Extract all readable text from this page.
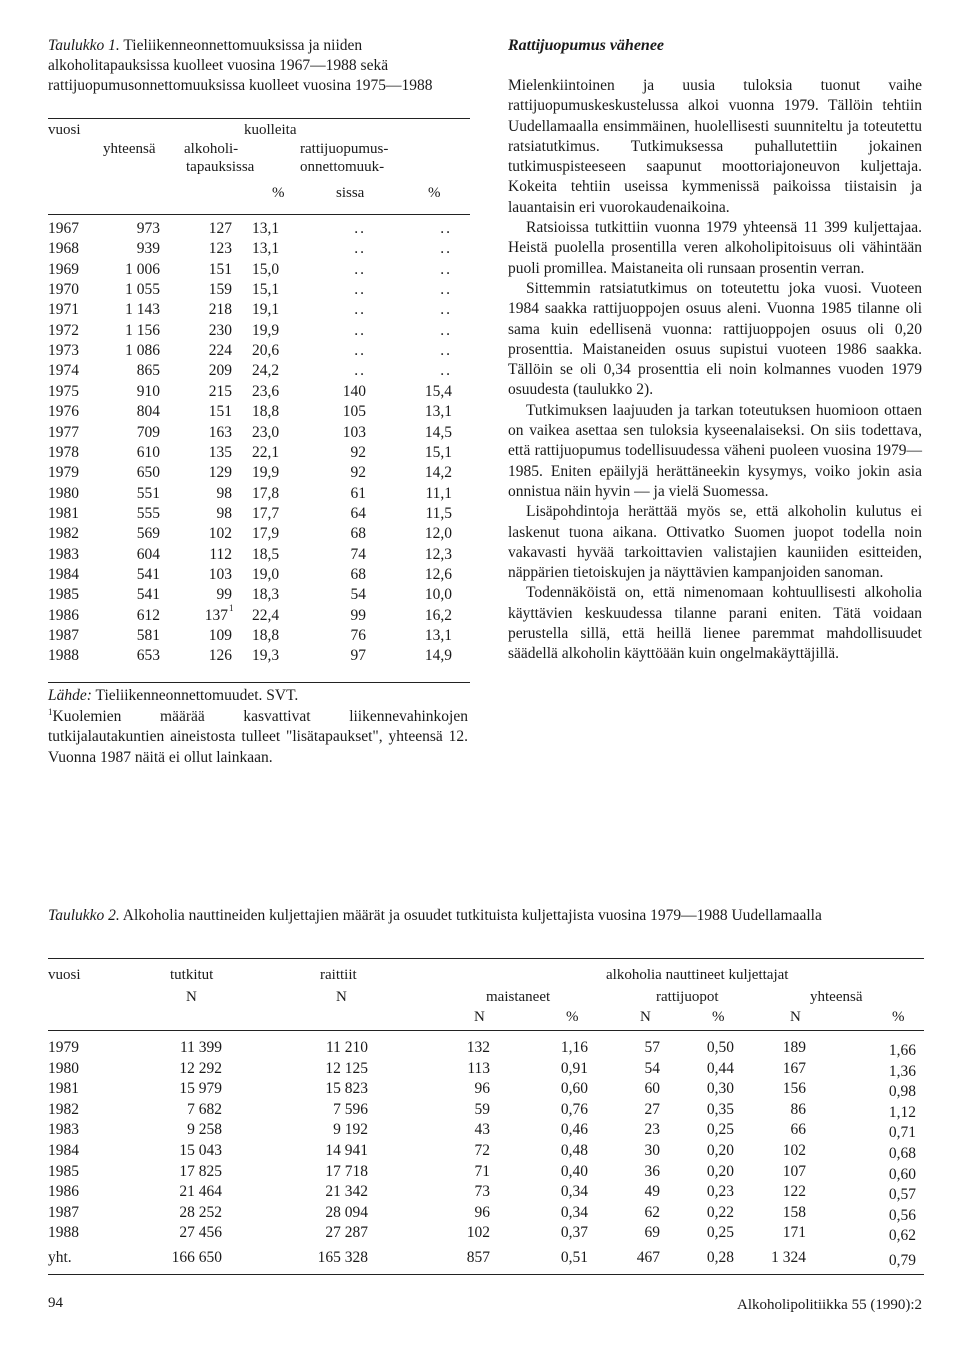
Taulukko 1. Tieliikenneonnettomuuksissa ja niiden alkoholitapauksissa kuolleet vuosina 1967—1988 sekä rattijuopumusonnettomuuksissa kuolleet vuosina 1975—1988
vuosi	kuolleita
yhteensä alkoholi-
tapauksissa
%
rattijuopumus-
onnettomuuk-
sissa	%
1967	973	127 13,1	..	..
1968	939	123 13,1	..	..
1969	1 006	151 15,0	..	..
1970	1 055	159 15,1	..	..
1971	1 143	218 19,1	..	..
1972	1 156	230 19,9	..	..
1973	1 086	224 20,6	..	..
1974	865	209 24,2	..	..
1975	910	215 23,6	140	15,4
1976	804	151 18,8	105	13,1
1977	709	163 23,0	103	14,5
1978	610	135 22,1	92	15,1
1979	650	129 19,9	92	14,2
1980	551	98 17,8	61	11,1
1981	555	98 17,7	64	11,5
1982	569	102 17,9	68	12,0
1983	604	112 18,5	74	12,3
1984	541	103 19,0	68	12,6
1985	541	99 18,3	54	10,0
1986	612	137 1 22,4	99	16,2
1987	581	109 18,8	76	13,1
1988	653	126 19,3	97	14,9
Lähde: Tieliikenneonnettomuudet. SVT.
$^1$Kuolemien määrää kasvattivat liikennevahinkojen tutkijalautakuntien aineistosta tulleet "lisätapaukset", yhteensä 12. Vuonna 1987 näitä ei ollut lainkaan.
Rattijuopumus vähenee

Mielenkiintoinen ja uusia tuloksia tuonut vaihe rattijuopumuskeskustelussa alkoi vuonna 1979. Tällöin tehtiin Uudellamaalla ensimmäinen, huolellisesti suunniteltu ja toteutettu ratsiatutkimus. Tutkimuksessa puhallutettiin jokainen tutkimuspisteeseen saapunut moottoriajoneuvon kuljettaja. Kokeita tehtiin useissa kymmenissä paikoissa tiistaisin ja lauantaisin eri vuorokaudenaikoina.

Ratsioissa tutkittiin vuonna 1979 yhteensä 11 399 kuljettajaa. Heistä puolella prosentilla veren alkoholipitoisuus oli vähintään puoli promillea. Maistaneita oli runsaan prosentin verran.

Sittemmin ratsiatutkimus on toteutettu joka vuosi. Vuoteen 1984 saakka rattijuoppojen osuus aleni. Vuonna 1985 tilanne oli sama kuin edellisenä vuonna: rattijuoppojen osuus oli 0,20 prosenttia. Maistaneiden osuus supistui vuoteen 1986 saakka. Tällöin se oli 0,34 prosenttia eli noin kolmannes vuoden 1979 osuudesta (taulukko 2).

Tutkimuksen laajuuden ja tarkan toteutuksen huomioon ottaen on vaikea asettaa sen tuloksia kyseenalaiseksi. On siis todettava, että rattijuopumus todellisuudessa väheni puoleen vuosina 1979—1985. Eniten epäilyjä herättäneekin kysymys, voiko jokin asia onnistua näin hyvin — ja vielä Suomessa.

Lisäpohdintoja herättää myös se, että alkoholin kulutus ei laskenut tuona aikana. Ottivatko Suomen juopot todella noin vakavasti hyvää tarkoittavien valistajien kauniiden esitteiden, näppärien tietoiskujen ja näyttävien kampanjoiden sanoman.

Todennäköistä on, että nimenomaan kohtuullisesti alkoholia käyttävien keskuudessa tilanne parani eniten. Tätä voidaan perustella sillä, että heillä lienee paremmat mahdollisuudet säädellä alkoholin käyttöään kuin ongelmakäyttäjillä.

Taulukko 2. Alkoholia nauttineiden kuljettajien määrät ja osuudet tutkituista kuljettajista vuosina 1979—1988 Uudellamaalla
vuosi	tutkitut	raittiit	alkoholia nauttineet kuljettajat
N	N	maistaneet	rattijuopot	yhteensä
N	%	N	%	N	%
1979	11 399	11 210	132	1,16	57	0,50	189	1,66
1980	12 292	12 125	113	0,91	54	0,44	167	1,36
1981	15 979	15 823	96	0,60	60	0,30	156	0,98
1982	7 682	7 596	59	0,76	27	0,35	86	1,12
1983	9 258	9 192	43	0,46	23	0,25	66	0,71
1984	15 043	14 941	72	0,48	30	0,20	102	0,68
1985	17 825	17 718	71	0,40	36	0,20	107	0,60
1986	21 464	21 342	73	0,34	49	0,23	122	0,57
1987	28 252	28 094	96	0,34	62	0,22	158	0,56
1988	27 456	27 287	102	0,37	69	0,25	171	0,62
yht.	166 650	165 328	857	0,51	467	0,28	1 324	0,79
94	Alkoholipolitiikka 55 (1990):2
